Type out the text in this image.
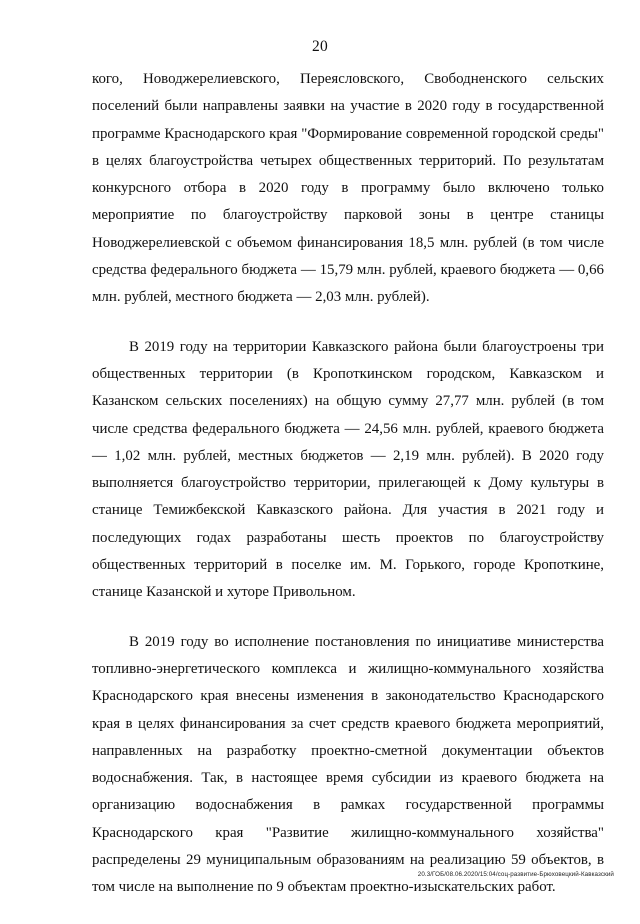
20

кого, Новоджерелиевского, Переясловского, Свободненского сельских поселений были направлены заявки на участие в 2020 году в государственной программе Краснодарского края "Формирование современной городской среды" в целях благоустройства четырех общественных территорий. По результатам конкурсного отбора в 2020 году в программу было включено только мероприятие по благоустройству парковой зоны в центре станицы Новоджерелиевской с объемом финансирования 18,5 млн. рублей (в том числе средства федерального бюджета — 15,79 млн. рублей, краевого бюджета — 0,66 млн. рублей, местного бюджета — 2,03 млн. рублей).

В 2019 году на территории Кавказского района были благоустроены три общественных территории (в Кропоткинском городском, Кавказском и Казанском сельских поселениях) на общую сумму 27,77 млн. рублей (в том числе средства федерального бюджета — 24,56 млн. рублей, краевого бюджета — 1,02 млн. рублей, местных бюджетов — 2,19 млн. рублей). В 2020 году выполняется благоустройство территории, прилегающей к Дому культуры в станице Темижбекской Кавказского района. Для участия в 2021 году и последующих годах разработаны шесть проектов по благоустройству общественных территорий в поселке им. М. Горького, городе Кропоткине, станице Казанской и хуторе Привольном.

В 2019 году во исполнение постановления по инициативе министерства топливно-энергетического комплекса и жилищно-коммунального хозяйства Краснодарского края внесены изменения в законодательство Краснодарского края в целях финансирования за счет средств краевого бюджета мероприятий, направленных на разработку проектно-сметной документации объектов водоснабжения. Так, в настоящее время субсидии из краевого бюджета на организацию водоснабжения в рамках государственной программы Краснодарского края "Развитие жилищно-коммунального хозяйства" распределены 29 муниципальным образованиям на реализацию 59 объектов, в том числе на выполнение по 9 объектам проектно-изыскательских работ.

20.3/ГОБ/08.06.2020/15:04/соц-развитие-Брюховецкий-Кавказский
